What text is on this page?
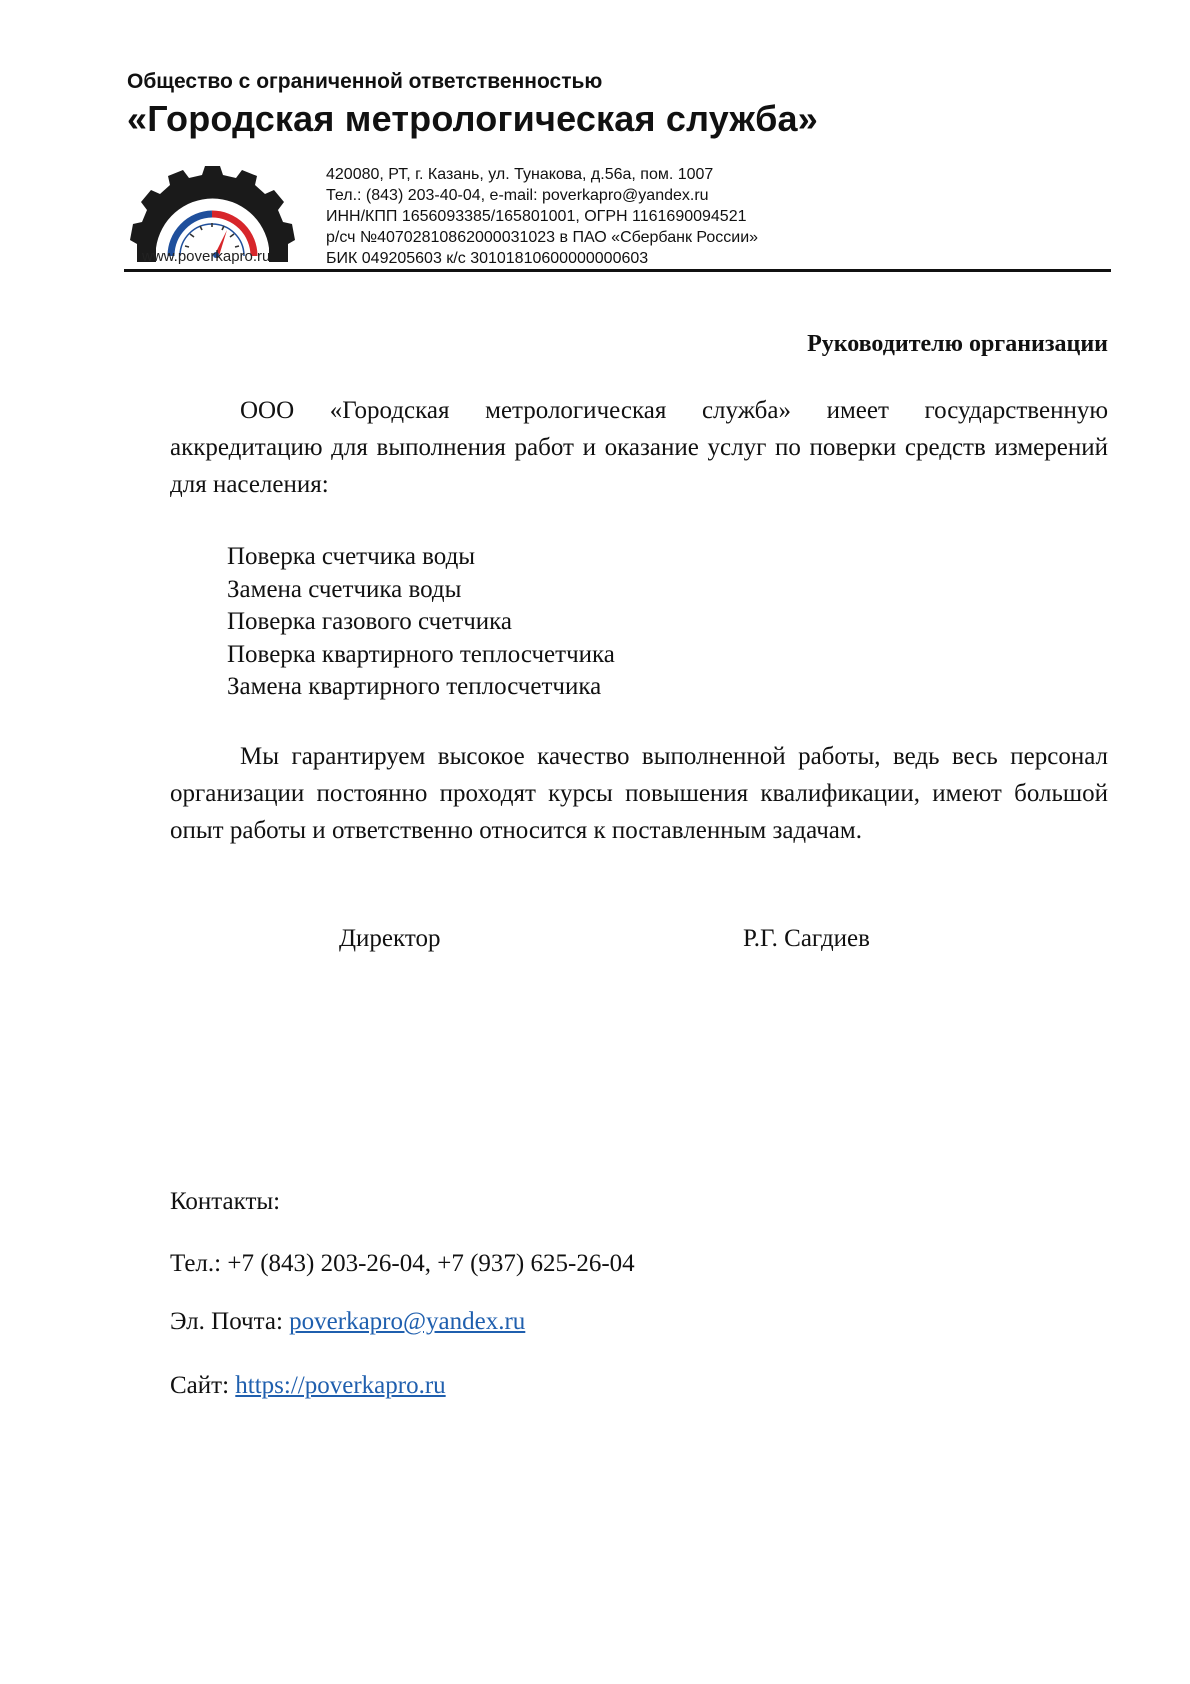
Общество с ограниченной ответственностью
«Городская метрологическая служба»
www.poverkapro.ru
420080, РТ, г. Казань, ул. Тунакова, д.56а, пом. 1007
Тел.: (843) 203-40-04, e-mail: poverkapro@yandex.ru
ИНН/КПП 1656093385/165801001, ОГРН 1161690094521
р/сч №40702810862000031023 в ПАО «Сбербанк России»
БИК 049205603 к/с 30101810600000000603
Руководителю организации
ООО «Городская метрологическая служба» имеет государственную аккредитацию для выполнения работ и оказание услуг по поверки средств измерений для населения:
Поверка счетчика воды
Замена счетчика воды
Поверка газового счетчика
Поверка квартирного теплосчетчика
Замена квартирного теплосчетчика
Мы гарантируем высокое качество выполненной работы, ведь весь персонал организации постоянно проходят курсы повышения квалификации, имеют большой опыт работы и ответственно относится к поставленным задачам.
Директор	Р.Г. Сагдиев
Контакты:
Тел.: +7 (843) 203-26-04, +7 (937) 625-26-04
Эл. Почта: poverkapro@yandex.ru
Сайт: https://poverkapro.ru
